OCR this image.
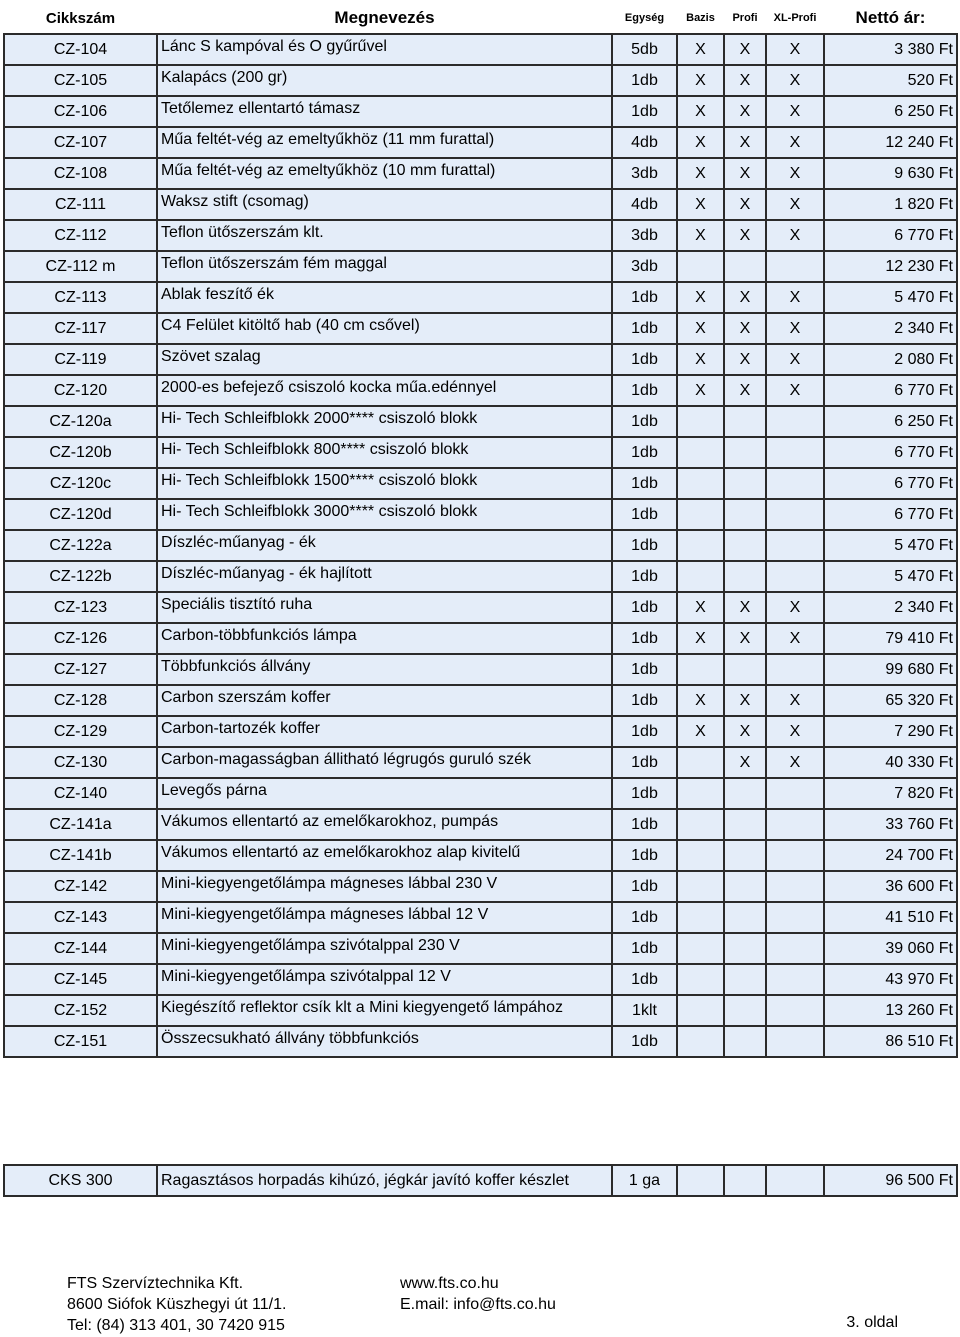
Cikkszám	Megnevezés	Egység	Bazis	Profi	XL-Profi	Nettó ár:
CZ-104	Lánc S kampóval és O gyűrűvel	5db	X	X	X	3 380 Ft
CZ-105	Kalapács (200 gr)	1db	X	X	X	520 Ft
CZ-106	Tetőlemez ellentartó támasz	1db	X	X	X	6 250 Ft
CZ-107	Műa feltét-vég az emeltyűkhöz (11 mm furattal)	4db	X	X	X	12 240 Ft
CZ-108	Műa feltét-vég az emeltyűkhöz (10 mm furattal)	3db	X	X	X	9 630 Ft
CZ-111	Waksz stift (csomag)	4db	X	X	X	1 820 Ft
CZ-112	Teflon ütőszerszám klt.	3db	X	X	X	6 770 Ft
CZ-112 m	Teflon ütőszerszám fém maggal	3db				12 230 Ft
CZ-113	Ablak feszítő ék	1db	X	X	X	5 470 Ft
CZ-117	C4 Felület kitöltő hab (40 cm csővel)	1db	X	X	X	2 340 Ft
CZ-119	Szövet szalag	1db	X	X	X	2 080 Ft
CZ-120	2000-es befejező csiszoló kocka műa.edénnyel	1db	X	X	X	6 770 Ft
CZ-120a	Hi- Tech Schleifblokk 2000**** csiszoló blokk	1db				6 250 Ft
CZ-120b	Hi- Tech Schleifblokk 800**** csiszoló blokk	1db				6 770 Ft
CZ-120c	Hi- Tech Schleifblokk 1500**** csiszoló blokk	1db				6 770 Ft
CZ-120d	Hi- Tech Schleifblokk 3000**** csiszoló blokk	1db				6 770 Ft
CZ-122a	Díszléc-műanyag - ék	1db				5 470 Ft
CZ-122b	Díszléc-műanyag - ék hajlított	1db				5 470 Ft
CZ-123	Speciális tisztító ruha	1db	X	X	X	2 340 Ft
CZ-126	Carbon-többfunkciós lámpa	1db	X	X	X	79 410 Ft
CZ-127	Többfunkciós állvány	1db				99 680 Ft
CZ-128	Carbon szerszám koffer	1db	X	X	X	65 320 Ft
CZ-129	Carbon-tartozék koffer	1db	X	X	X	7 290 Ft
CZ-130	Carbon-magasságban állitható légrugós guruló szék	1db		X	X	40 330 Ft
CZ-140	Levegős párna	1db				7 820 Ft
CZ-141a	Vákumos ellentartó az emelőkarokhoz, pumpás	1db				33 760 Ft
CZ-141b	Vákumos ellentartó az emelőkarokhoz alap kivitelű	1db				24 700 Ft
CZ-142	Mini-kiegyengetőlámpa mágneses lábbal 230 V	1db				36 600 Ft
CZ-143	Mini-kiegyengetőlámpa mágneses lábbal 12 V	1db				41 510 Ft
CZ-144	Mini-kiegyengetőlámpa szivótalppal 230 V	1db				39 060 Ft
CZ-145	Mini-kiegyengetőlámpa szivótalppal 12 V	1db				43 970 Ft
CZ-152	Kiegészítő reflektor csík klt a Mini kiegyengető lámpához	1klt				13 260 Ft
CZ-151	Összecsukható állvány többfunkciós	1db				86 510 Ft
CKS 300	Ragasztásos horpadás kihúzó, jégkár javító koffer készlet	1 ga				96 500 Ft
FTS Szervíztechnika Kft.
8600 Siófok Küszhegyi út 11/1.
Tel: (84) 313 401, 30 7420 915
www.fts.co.hu
E.mail: info@fts.co.hu
3. oldal
